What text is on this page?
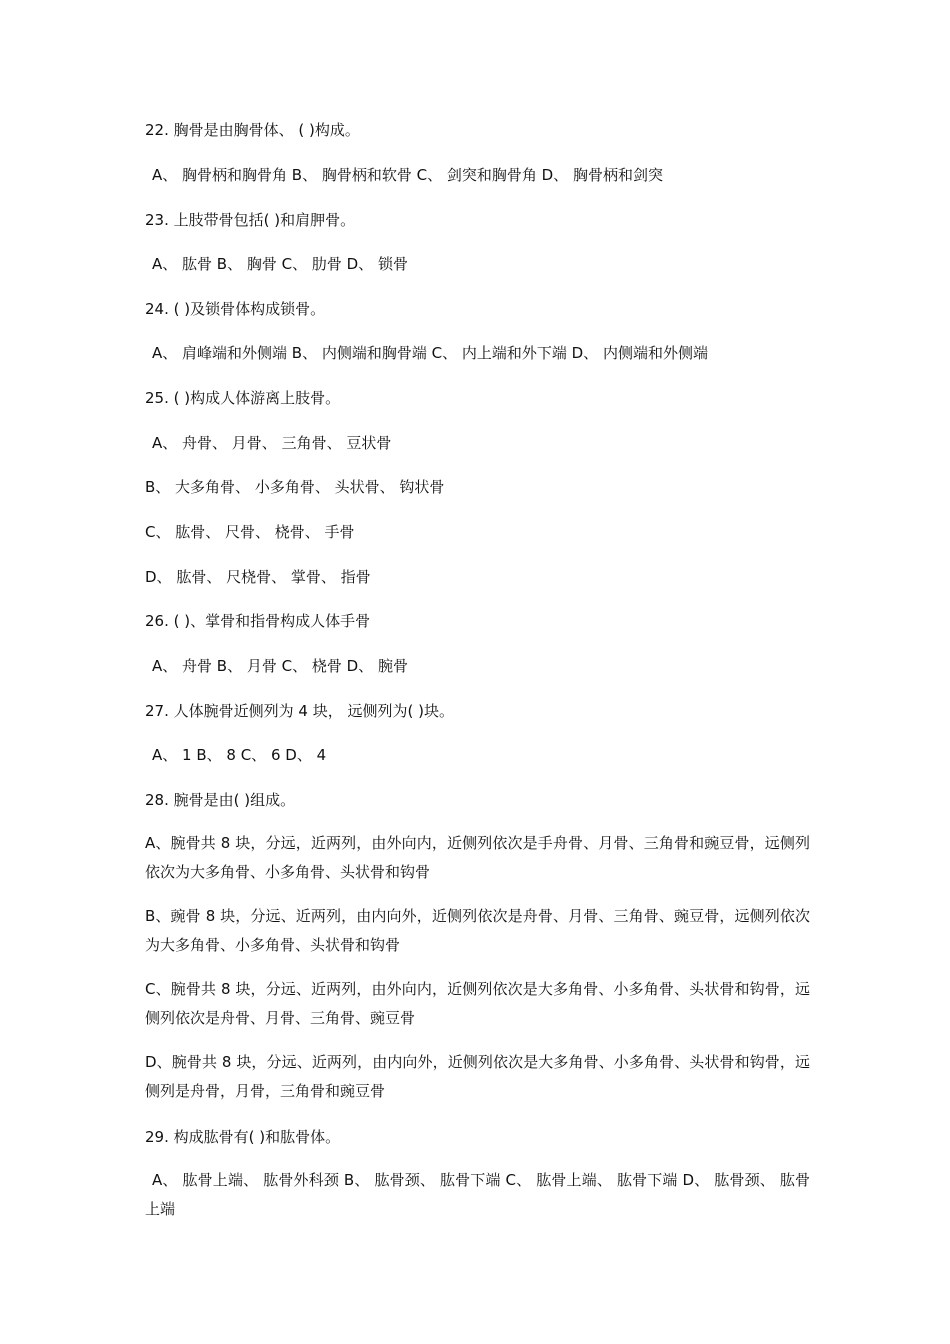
22. 胸骨是由胸骨体、 ( )构成。
A、 胸骨柄和胸骨角 B、 胸骨柄和软骨 C、 剑突和胸骨角 D、 胸骨柄和剑突
23. 上肢带骨包括( )和肩胛骨。
A、 肱骨 B、 胸骨 C、 肋骨 D、 锁骨
24. ( )及锁骨体构成锁骨。
A、 肩峰端和外侧端 B、 内侧端和胸骨端 C、 内上端和外下端 D、 内侧端和外侧端
25. ( )构成人体游离上肢骨。
A、 舟骨、 月骨、 三角骨、 豆状骨
B、 大多角骨、 小多角骨、 头状骨、 钩状骨
C、 肱骨、 尺骨、 桡骨、 手骨
D、 肱骨、 尺桡骨、 掌骨、 指骨
26. ( )、掌骨和指骨构成人体手骨
A、 舟骨 B、 月骨 C、 桡骨 D、 腕骨
27. 人体腕骨近侧列为 4 块， 远侧列为( )块。
A、 1 B、 8 C、 6 D、 4
28. 腕骨是由( )组成。
A、腕骨共 8 块，分远，近两列，由外向内，近侧列依次是手舟骨、月骨、三角骨和豌豆骨，远侧列依次为大多角骨、小多角骨、头状骨和钩骨
B、豌骨 8 块，分远、近两列，由内向外，近侧列依次是舟骨、月骨、三角骨、豌豆骨，远侧列依次为大多角骨、小多角骨、头状骨和钩骨
C、腕骨共 8 块，分远、近两列，由外向内，近侧列依次是大多角骨、小多角骨、头状骨和钩骨，远侧列依次是舟骨、月骨、三角骨、豌豆骨
D、腕骨共 8 块，分远、近两列，由内向外，近侧列依次是大多角骨、小多角骨、头状骨和钩骨，远侧列是舟骨，月骨，三角骨和豌豆骨
29. 构成肱骨有( )和肱骨体。
A、 肱骨上端、 肱骨外科颈 B、 肱骨颈、 肱骨下端 C、 肱骨上端、 肱骨下端 D、 肱骨颈、 肱骨上端
